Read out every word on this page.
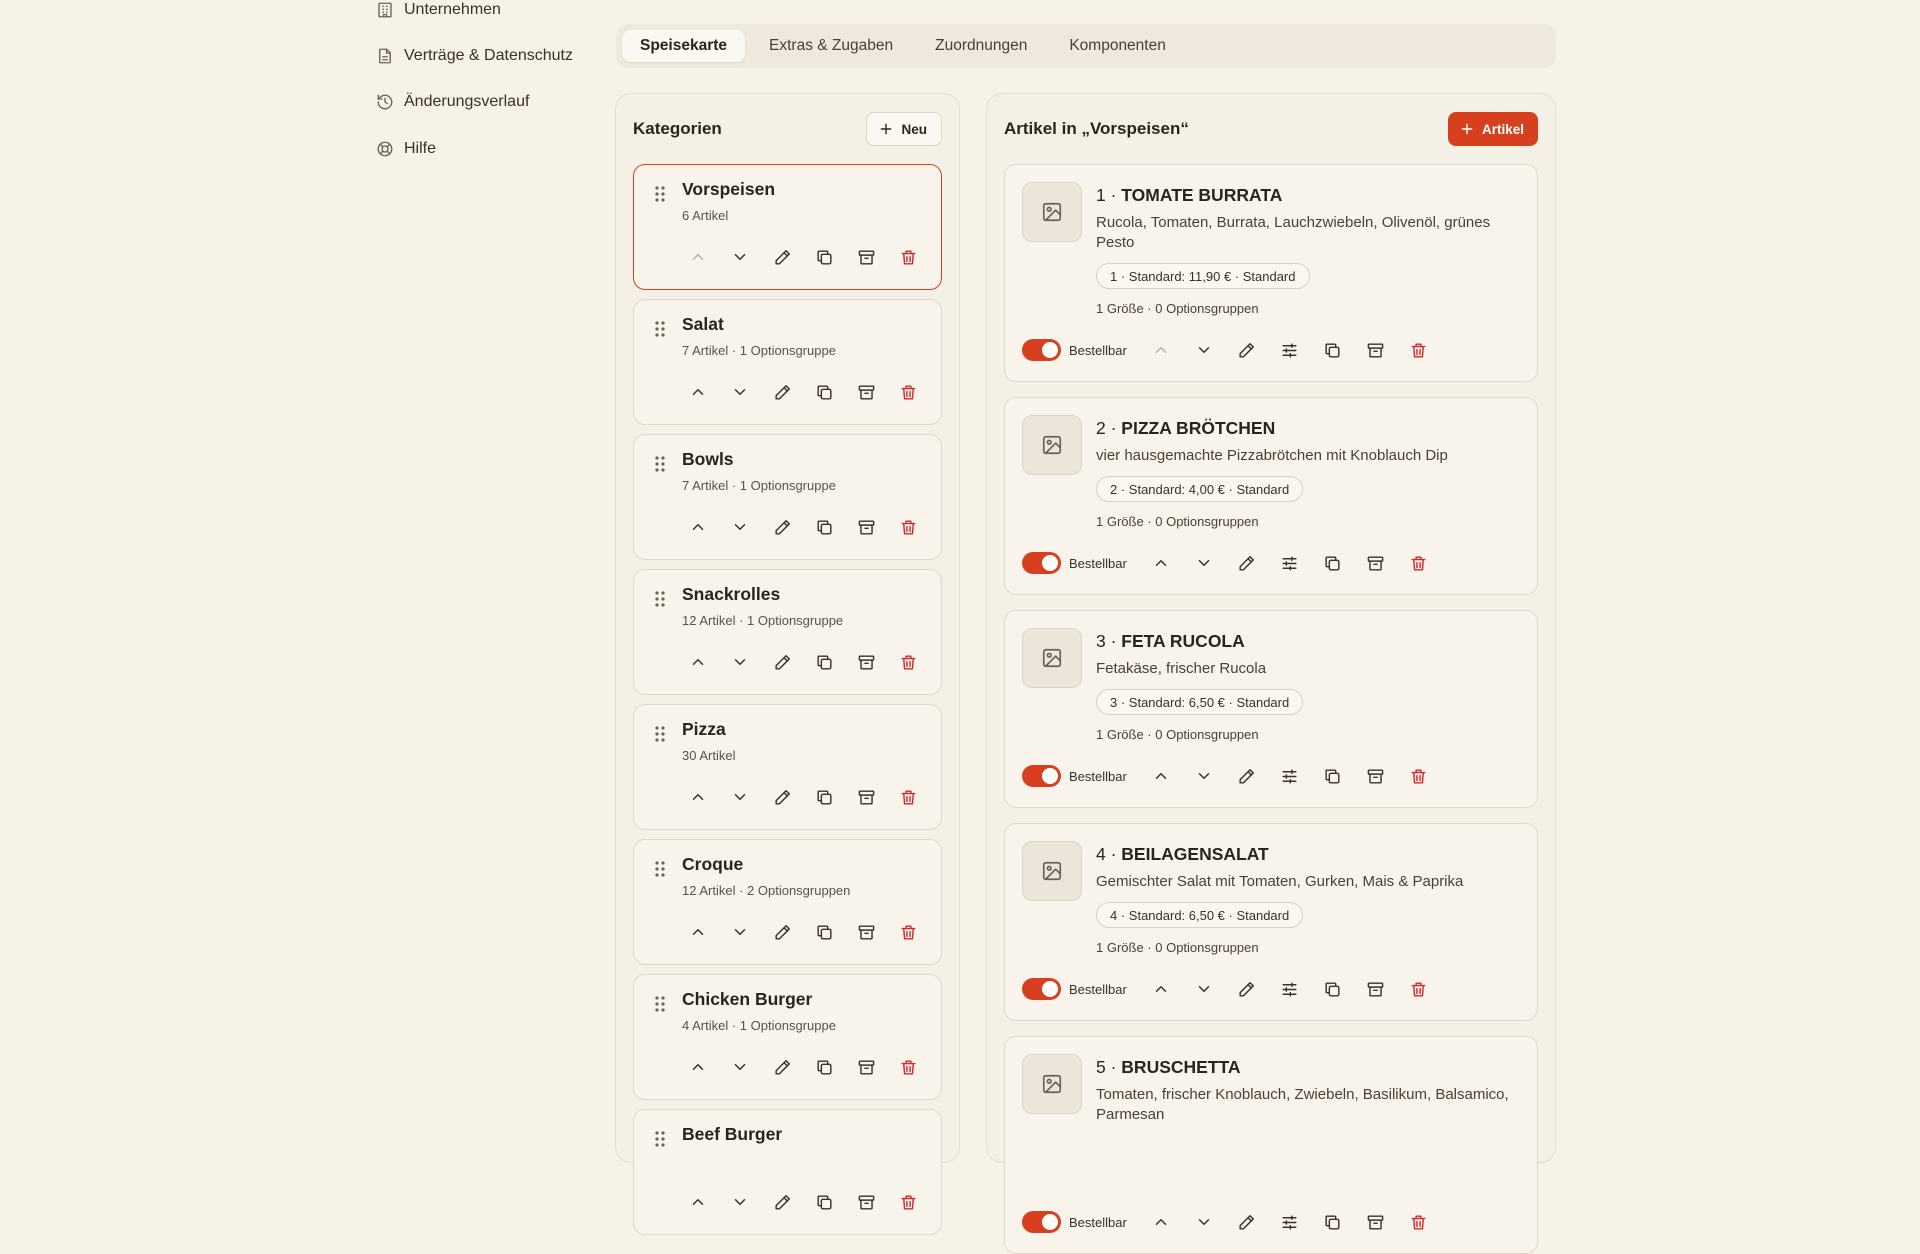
Unternehmen
Verträge & Datenschutz
Änderungsverlauf
Hilfe
Speisekarte	Extras & Zugaben	Zuordnungen	Komponenten
Kategorien	Neu
Vorspeisen
6 Artikel
Salat
7 Artikel · 1 Optionsgruppe
Bowls
7 Artikel · 1 Optionsgruppe
Snackrolles
12 Artikel · 1 Optionsgruppe
Pizza
30 Artikel
Croque
12 Artikel · 2 Optionsgruppen
Chicken Burger
4 Artikel · 1 Optionsgruppe
Beef Burger
Artikel in „Vorspeisen“	Artikel
1 · TOMATE BURRATA
Rucola, Tomaten, Burrata, Lauchzwiebeln, Olivenöl, grünes Pesto
1 · Standard: 11,90 € · Standard
1 Größe · 0 Optionsgruppen
Bestellbar
2 · PIZZA BRÖTCHEN
vier hausgemachte Pizzabrötchen mit Knoblauch Dip
2 · Standard: 4,00 € · Standard
1 Größe · 0 Optionsgruppen
Bestellbar
3 · FETA RUCOLA
Fetakäse, frischer Rucola
3 · Standard: 6,50 € · Standard
1 Größe · 0 Optionsgruppen
Bestellbar
4 · BEILAGENSALAT
Gemischter Salat mit Tomaten, Gurken, Mais & Paprika
4 · Standard: 6,50 € · Standard
1 Größe · 0 Optionsgruppen
Bestellbar
5 · BRUSCHETTA
Tomaten, frischer Knoblauch, Zwiebeln, Basilikum, Balsamico, Parmesan
Bestellbar
